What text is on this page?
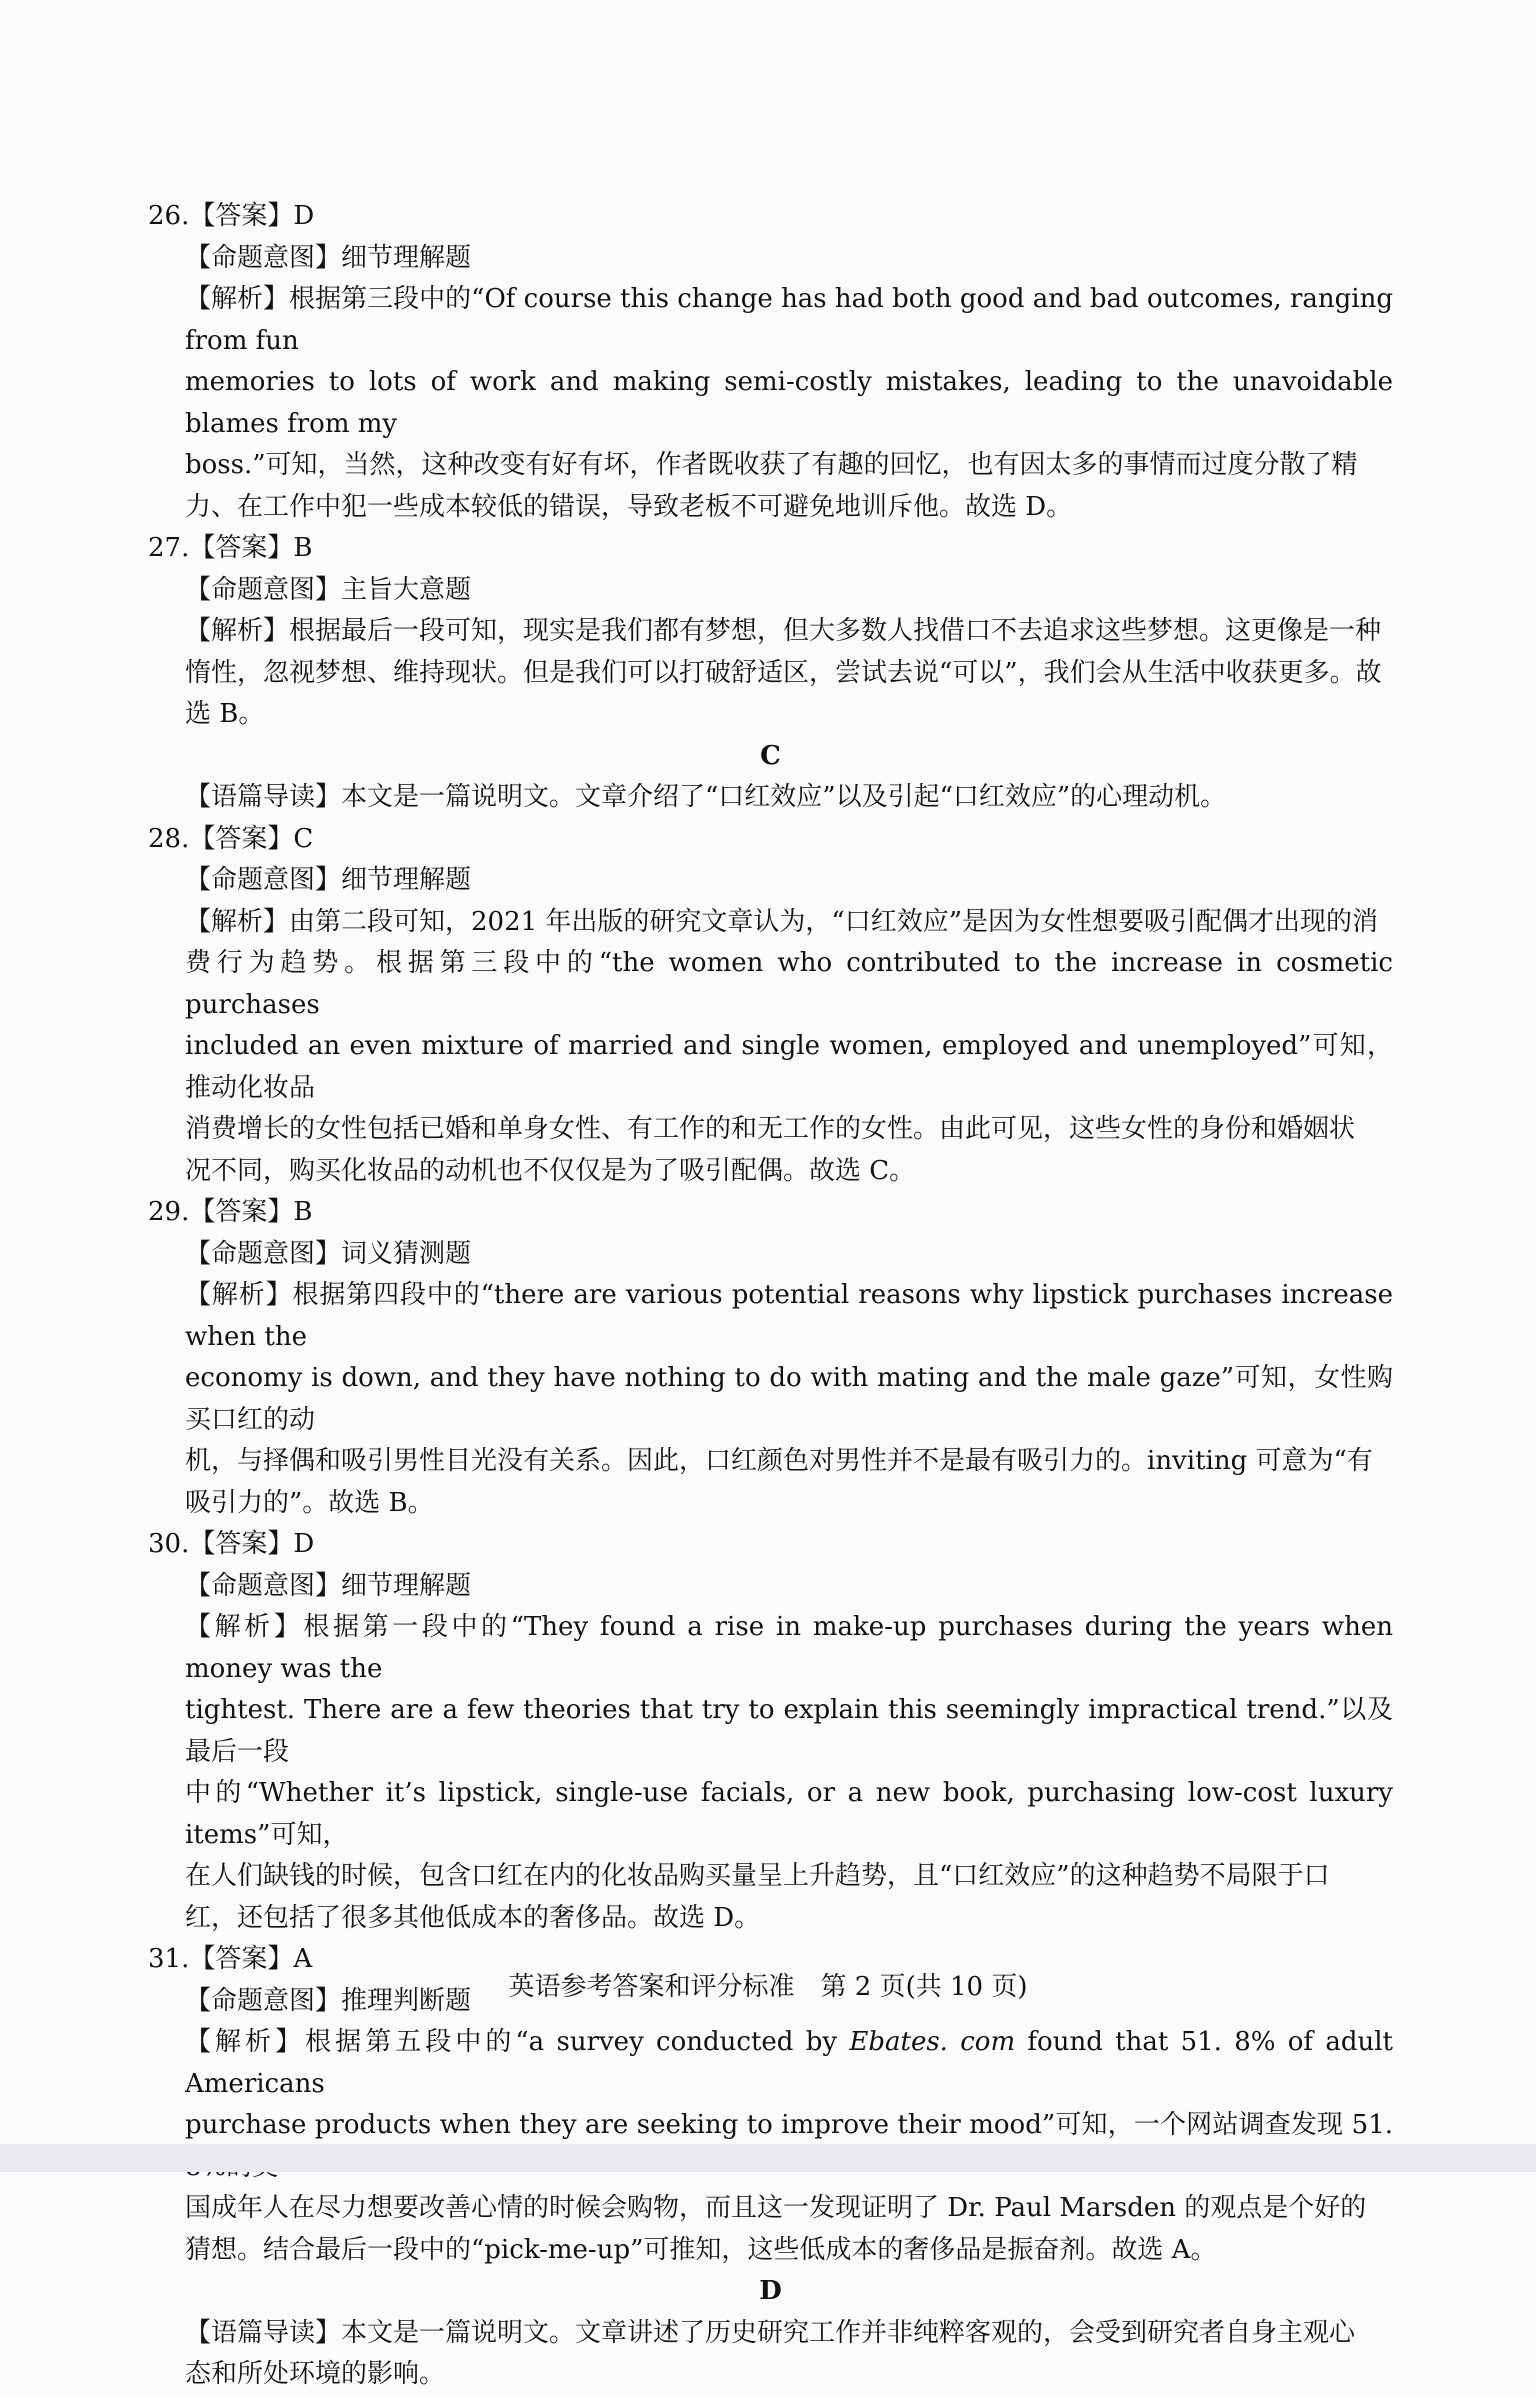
26.【答案】D

【命题意图】细节理解题

【解析】根据第三段中的“Of course this change has had both good and bad outcomes, ranging from fun

memories to lots of work and making semi-costly mistakes, leading to the unavoidable blames from my

boss.”可知，当然，这种改变有好有坏，作者既收获了有趣的回忆，也有因太多的事情而过度分散了精

力、在工作中犯一些成本较低的错误，导致老板不可避免地训斥他。故选 D。

27.【答案】B

【命题意图】主旨大意题

【解析】根据最后一段可知，现实是我们都有梦想，但大多数人找借口不去追求这些梦想。这更像是一种

惰性，忽视梦想、维持现状。但是我们可以打破舒适区，尝试去说“可以”，我们会从生活中收获更多。故

选 B。

C

【语篇导读】本文是一篇说明文。文章介绍了“口红效应”以及引起“口红效应”的心理动机。

28.【答案】C

【命题意图】细节理解题

【解析】由第二段可知，2021 年出版的研究文章认为，“口红效应”是因为女性想要吸引配偶才出现的消

费行为趋势。根据第三段中的“the women who contributed to the increase in cosmetic purchases

included an even mixture of married and single women, employed and unemployed”可知，推动化妆品

消费增长的女性包括已婚和单身女性、有工作的和无工作的女性。由此可见，这些女性的身份和婚姻状

况不同，购买化妆品的动机也不仅仅是为了吸引配偶。故选 C。

29.【答案】B

【命题意图】词义猜测题

【解析】根据第四段中的“there are various potential reasons why lipstick purchases increase when the

economy is down, and they have nothing to do with mating and the male gaze”可知，女性购买口红的动

机，与择偶和吸引男性目光没有关系。因此，口红颜色对男性并不是最有吸引力的。inviting 可意为“有

吸引力的”。故选 B。

30.【答案】D

【命题意图】细节理解题

【解析】根据第一段中的“They found a rise in make-up purchases during the years when money was the

tightest. There are a few theories that try to explain this seemingly impractical trend.”以及最后一段

中的“Whether it’s lipstick, single-use facials, or a new book, purchasing low-cost luxury items”可知，

在人们缺钱的时候，包含口红在内的化妆品购买量呈上升趋势，且“口红效应”的这种趋势不局限于口

红，还包括了很多其他低成本的奢侈品。故选 D。

31.【答案】A

【命题意图】推理判断题

【解析】根据第五段中的“a survey conducted by Ebates. com found that 51. 8% of adult Americans

purchase products when they are seeking to improve their mood”可知，一个网站调查发现 51.

国成年人在尽力想要改善心情的时候会购物，而且这一发现证明了 Dr. Paul Marsden 的观点是个好的

猜想。结合最后一段中的“pick-me-up”可推知，这些低成本的奢侈品是振奋剂。故选 A。

D

【语篇导读】本文是一篇说明文。文章讲述了历史研究工作并非纯粹客观的，会受到研究者自身主观心

态和所处环境的影响。

英语参考答案和评分标准　第 2 页(共 10 页)
